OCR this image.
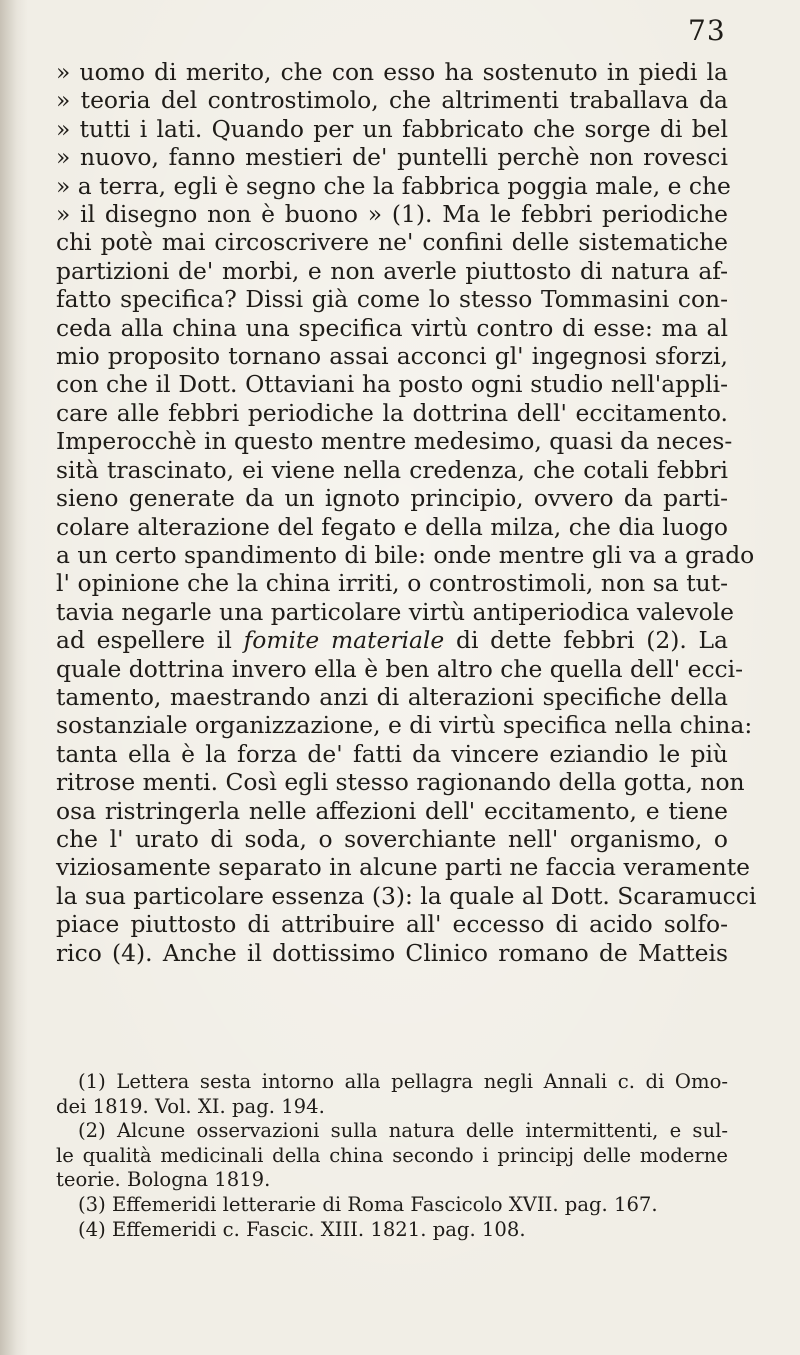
73
» uomo di merito, che con esso ha sostenuto in piedi la
» teoria del controstimolo, che altrimenti traballava da
» tutti i lati. Quando per un fabbricato che sorge di bel
» nuovo, fanno mestieri de' puntelli perchè non rovesci
» a terra, egli è segno che la fabbrica poggia male, e che
» il disegno non è buono » (1). Ma le febbri periodiche
chi potè mai circoscrivere ne' confini delle sistematiche
partizioni de' morbi, e non averle piuttosto di natura af-
fatto specifica? Dissi già come lo stesso Tommasini con-
ceda alla china una specifica virtù contro di esse: ma al
mio proposito tornano assai acconci gl' ingegnosi sforzi,
con che il Dott. Ottaviani ha posto ogni studio nell'appli-
care alle febbri periodiche la dottrina dell' eccitamento.
Imperocchè in questo mentre medesimo, quasi da neces-
sità trascinato, ei viene nella credenza, che cotali febbri
sieno generate da un ignoto principio, ovvero da parti-
colare alterazione del fegato e della milza, che dia luogo
a un certo spandimento di bile: onde mentre gli va a grado
l' opinione che la china irriti, o controstimoli, non sa tut-
tavia negarle una particolare virtù antiperiodica valevole
ad espellere il fomite materiale di dette febbri (2). La
quale dottrina invero ella è ben altro che quella dell' ecci-
tamento, maestrando anzi di alterazioni specifiche della
sostanziale organizzazione, e di virtù specifica nella china:
tanta ella è la forza de' fatti da vincere eziandio le più
ritrose menti. Così egli stesso ragionando della gotta, non
osa ristringerla nelle affezioni dell' eccitamento, e tiene
che l' urato di soda, o soverchiante nell' organismo, o
viziosamente separato in alcune parti ne faccia veramente
la sua particolare essenza (3): la quale al Dott. Scaramucci
piace piuttosto di attribuire all' eccesso di acido solfo-
rico (4). Anche il dottissimo Clinico romano de Matteis
(1) Lettera sesta intorno alla pellagra negli Annali c. di Omo-
dei 1819. Vol. XI. pag. 194.
(2) Alcune osservazioni sulla natura delle intermittenti, e sul-
le qualità medicinali della china secondo i principj delle moderne
teorie. Bologna 1819.
(3) Effemeridi letterarie di Roma Fascicolo XVII. pag. 167.
(4) Effemeridi c. Fascic. XIII. 1821. pag. 108.
